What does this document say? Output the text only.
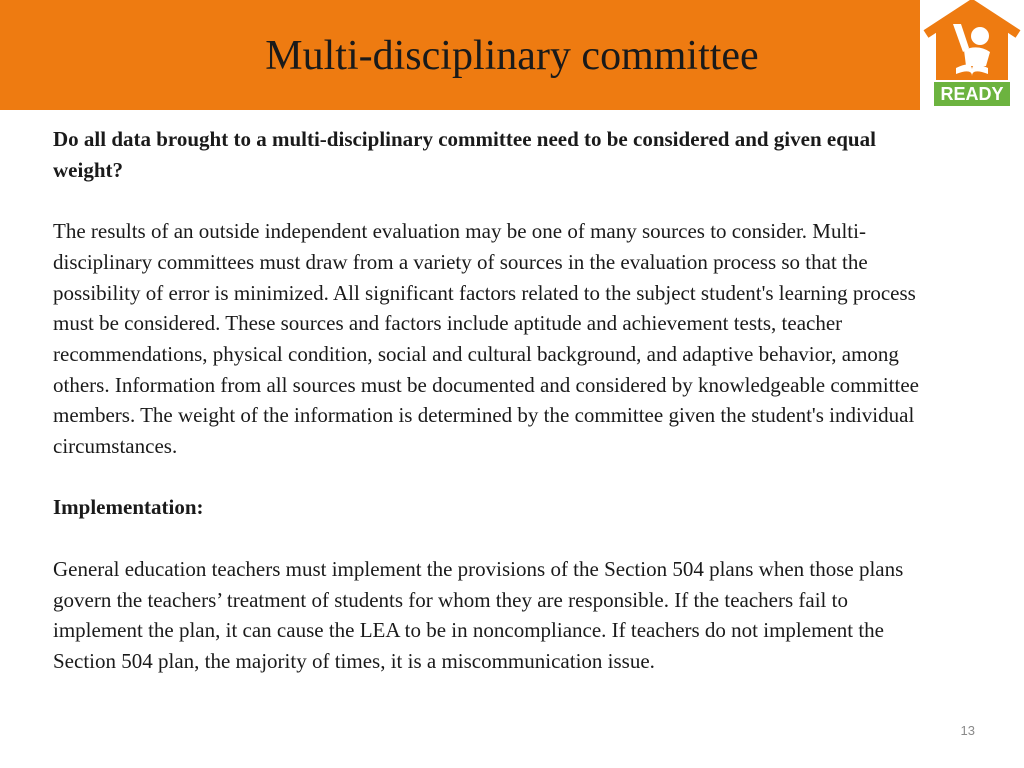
Multi-disciplinary committee
READY

Do all data brought to a multi-disciplinary committee need to be considered and given equal weight?

The results of an outside independent evaluation may be one of many sources to consider. Multi-disciplinary committees must draw from a variety of sources in the evaluation process so that the possibility of error is minimized. All significant factors related to the subject student's learning process must be considered. These sources and factors include aptitude and achievement tests, teacher recommendations, physical condition, social and cultural background, and adaptive behavior, among others. Information from all sources must be documented and considered by knowledgeable committee members. The weight of the information is determined by the committee given the student's individual circumstances.

Implementation:

General education teachers must implement the provisions of the Section 504 plans when those plans govern the teachers’ treatment of students for whom they are responsible. If the teachers fail to implement the plan, it can cause the LEA to be in noncompliance. If teachers do not implement the Section 504 plan, the majority of times, it is a miscommunication issue.

13
